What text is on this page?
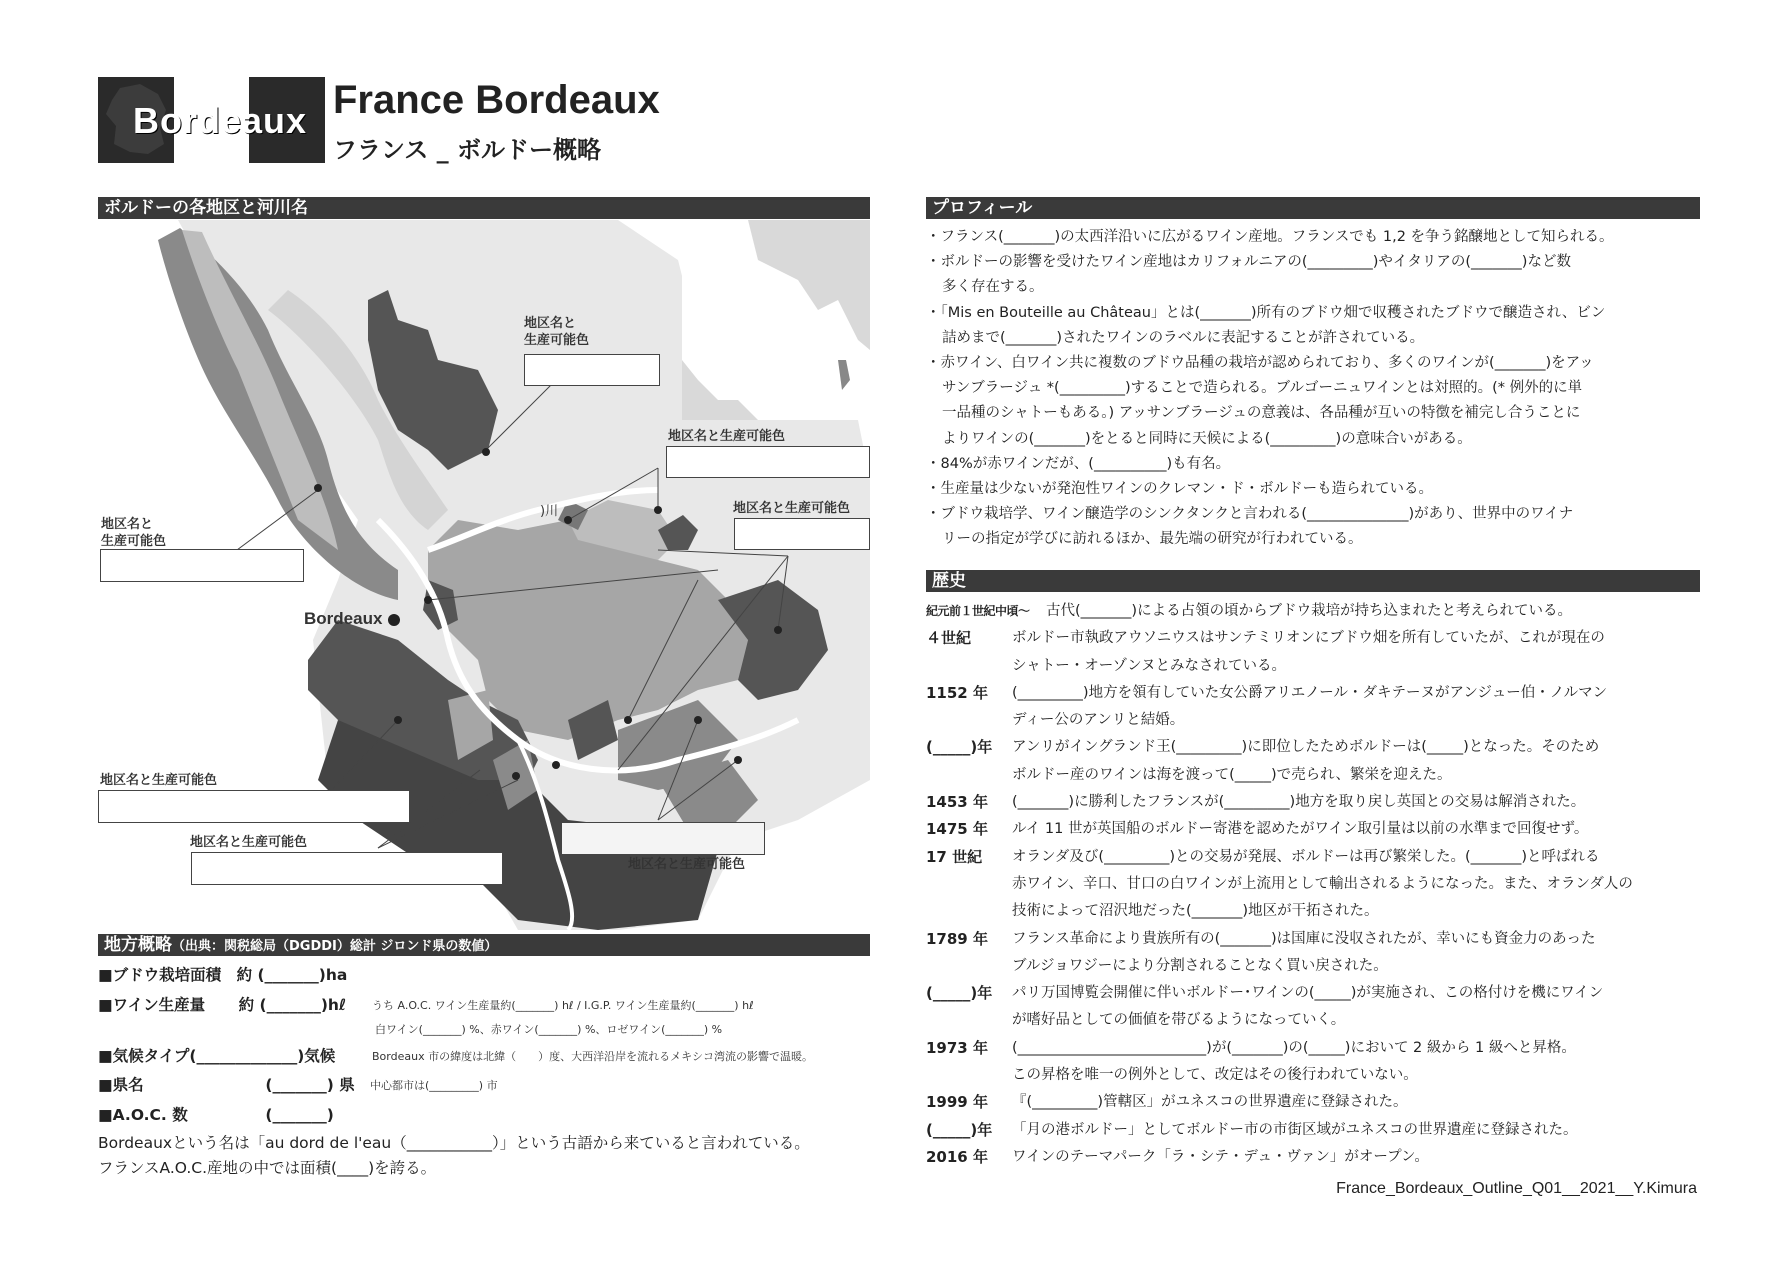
Bordeaux France Bordeaux
フランス _ ボルドー概略
ボルドーの各地区と河川名
地区名と
生産可能色
地区名と生産可能色
地区名と生産可能色
地区名と
生産可能色
地区名と生産可能色
地区名と生産可能色
地区名と生産可能色
)川
Bordeaux
プロフィール
・フランス(_______)の太西洋沿いに広がるワイン産地。フランスでも 1,2 を争う銘醸地として知られる。
・ボルドーの影響を受けたワイン産地はカリフォルニアの(_________)やイタリアの(_______)など数
多く存在する。
・「Mis en Bouteille au Château」とは(_______)所有のブドウ畑で収穫されたブドウで醸造され、ビン
詰めまで(_______)されたワインのラベルに表記することが許されている。
・赤ワイン、白ワイン共に複数のブドウ品種の栽培が認められており、多くのワインが(_______)をアッ
サンブラージュ *(_________)することで造られる。ブルゴーニュワインとは対照的。(* 例外的に単
一品種のシャトーもある。) アッサンブラージュの意義は、各品種が互いの特徴を補完し合うことに
よりワインの(_______)をとると同時に天候による(_________)の意味合いがある。
・84%が赤ワインだが、(__________)も有名。
・生産量は少ないが発泡性ワインのクレマン・ド・ボルドーも造られている。
・ブドウ栽培学、ワイン醸造学のシンクタンクと言われる(______________)があり、世界中のワイナ
リーの指定が学びに訪れるほか、最先端の研究が行われている。
歴史
紀元前１世紀中頃〜	古代(_______)による占領の頃からブドウ栽培が持ち込まれたと考えられている。
４世紀	ボルドー市執政アウソニウスはサンテミリオンにブドウ畑を所有していたが、これが現在の
シャトー・オーゾンヌとみなされている。
1152 年	(_________)地方を領有していた女公爵アリエノール・ダキテーヌがアンジュー伯・ノルマン
ディー公のアンリと結婚。
(_____)年	アンリがイングランド王(_________)に即位したためボルドーは(_____)となった。そのため
ボルドー産のワインは海を渡って(_____)で売られ、繁栄を迎えた。
1453 年	(_______)に勝利したフランスが(_________)地方を取り戻し英国との交易は解消された。
1475 年	ルイ 11 世が英国船のボルドー寄港を認めたがワイン取引量は以前の水準まで回復せず。
17 世紀	オランダ及び(_________)との交易が発展、ボルドーは再び繁栄した。(_______)と呼ばれる
赤ワイン、辛口、甘口の白ワインが上流用として輸出されるようになった。また、オランダ人の
技術によって沼沢地だった(_______)地区が干拓された。
1789 年	フランス革命により貴族所有の(_______)は国庫に没収されたが、幸いにも資金力のあった
ブルジョワジーにより分割されることなく買い戻された。
(_____)年	パリ万国博覧会開催に伴いボルドー･ワインの(_____)が実施され、この格付けを機にワイン
が嗜好品としての価値を帯びるようになっていく。
1973 年	(__________________________)が(_______)の(_____)において 2 級から 1 級へと昇格。
この昇格を唯一の例外として、改定はその後行われていない。
1999 年	『(_________)管轄区」がユネスコの世界遺産に登録された。
(_____)年	「月の港ボルドー」としてボルドー市の市街区域がユネスコの世界遺産に登録された。
2016 年	ワインのテーマパーク「ラ・シテ・デュ・ヴァン」がオープン。
地方概略（出典：関税総局（DGDDI）総計 ジロンド県の数値）
■ブドウ栽培面積 約 (_______)ha
■ワイン生産量 約 (_______)hℓ うち A.O.C. ワイン生産量約(_______) hℓ / I.G.P. ワイン生産量約(_______) hℓ
白ワイン(_______) %、赤ワイン(_______) %、ロゼワイン(_______) %
■気候タイプ(_____________)気候	Bordeaux 市の緯度は北緯（　　）度、大西洋沿岸を流れるメキシコ湾流の影響で温暖。
■県名	(_______) 県 中心都市は(_________) 市
■A.O.C. 数	(_______)
Bordeauxという名は「au dord de l'eau（___________）」という古語から来ていると言われている。
フランスA.O.C.産地の中では面積(____)を誇る。
France_Bordeaux_Outline_Q01__2021__Y.Kimura
